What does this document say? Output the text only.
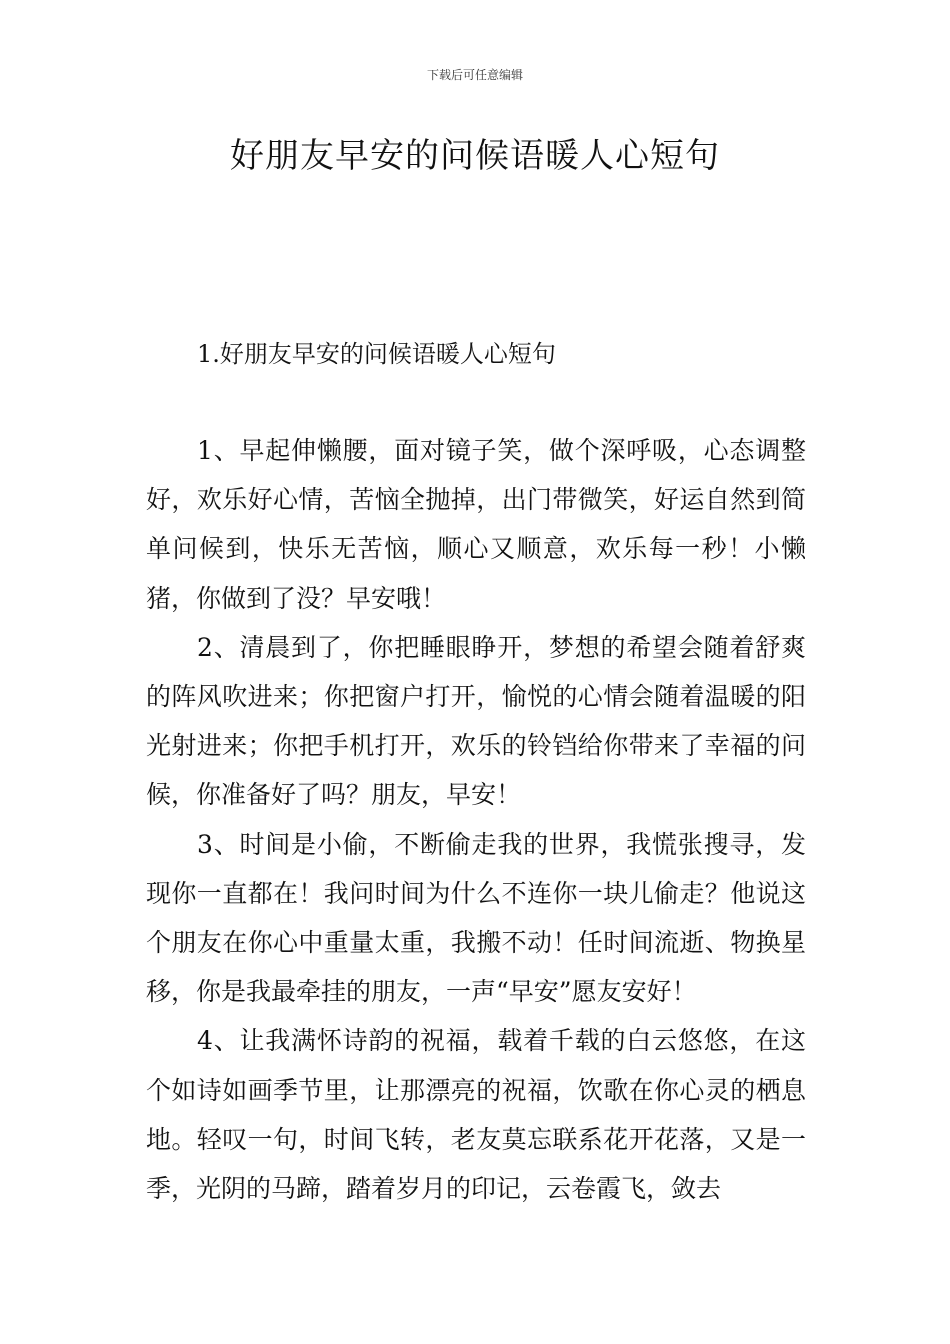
下载后可任意编辑
好朋友早安的问候语暖人心短句
1.好朋友早安的问候语暖人心短句

1、早起伸懒腰，面对镜子笑，做个深呼吸，心态调整好，欢乐好心情，苦恼全抛掉，出门带微笑，好运自然到简单问候到，快乐无苦恼，顺心又顺意，欢乐每一秒！小懒猪，你做到了没？早安哦！

2、清晨到了，你把睡眼睁开，梦想的希望会随着舒爽的阵风吹进来；你把窗户打开，愉悦的心情会随着温暖的阳光射进来；你把手机打开，欢乐的铃铛给你带来了幸福的问候，你准备好了吗？朋友，早安！

3、时间是小偷，不断偷走我的世界，我慌张搜寻，发现你一直都在！我问时间为什么不连你一块儿偷走？他说这个朋友在你心中重量太重，我搬不动！任时间流逝、物换星移，你是我最牵挂的朋友，一声“早安”愿友安好！

4、让我满怀诗韵的祝福，载着千载的白云悠悠，在这个如诗如画季节里，让那漂亮的祝福，饮歌在你心灵的栖息地。轻叹一句，时间飞转，老友莫忘联系花开花落，又是一季，光阴的马蹄，踏着岁月的印记，云卷霞飞，敛去
